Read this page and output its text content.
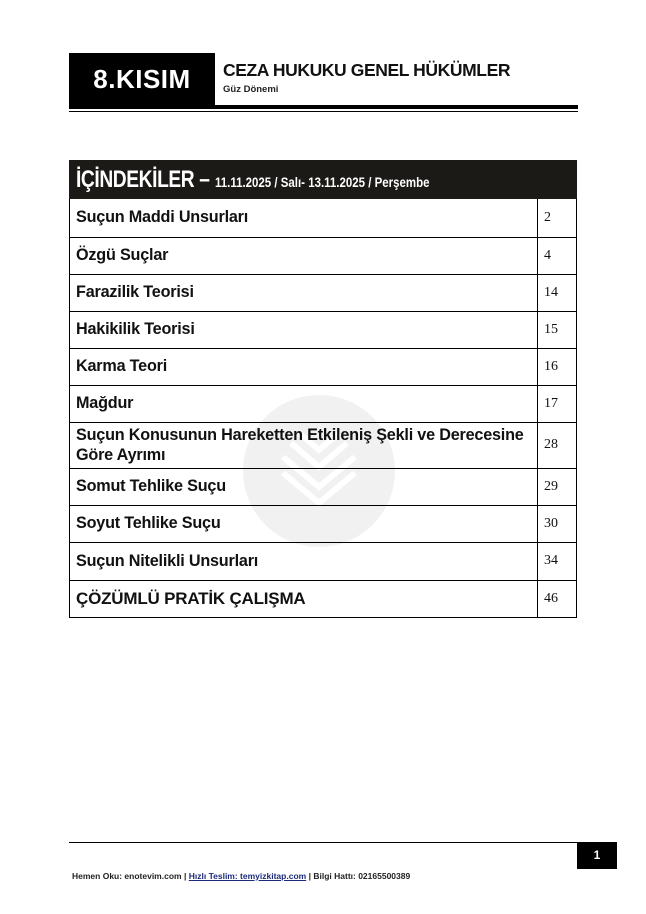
8.KISIM	CEZA HUKUKU GENEL HÜKÜMLER
Güz Dönemi
İÇİNDEKİLER – 11.11.2025 / Salı- 13.11.2025 / Perşembe
Suçun Maddi Unsurları	2
Özgü Suçlar	4
Farazilik Teorisi	14
Hakikilik Teorisi	15
Karma Teori	16
Mağdur	17
Suçun Konusunun Hareketten Etkileniş Şekli ve Derecesine Göre Ayrımı	28
Somut Tehlike Suçu	29
Soyut Tehlike Suçu	30
Suçun Nitelikli Unsurları	34
ÇÖZÜMLÜ PRATİK ÇALIŞMA	46
1
Hemen Oku: enotevim.com | Hızlı Teslim: temyizkitap.com | Bilgi Hattı: 02165500389
